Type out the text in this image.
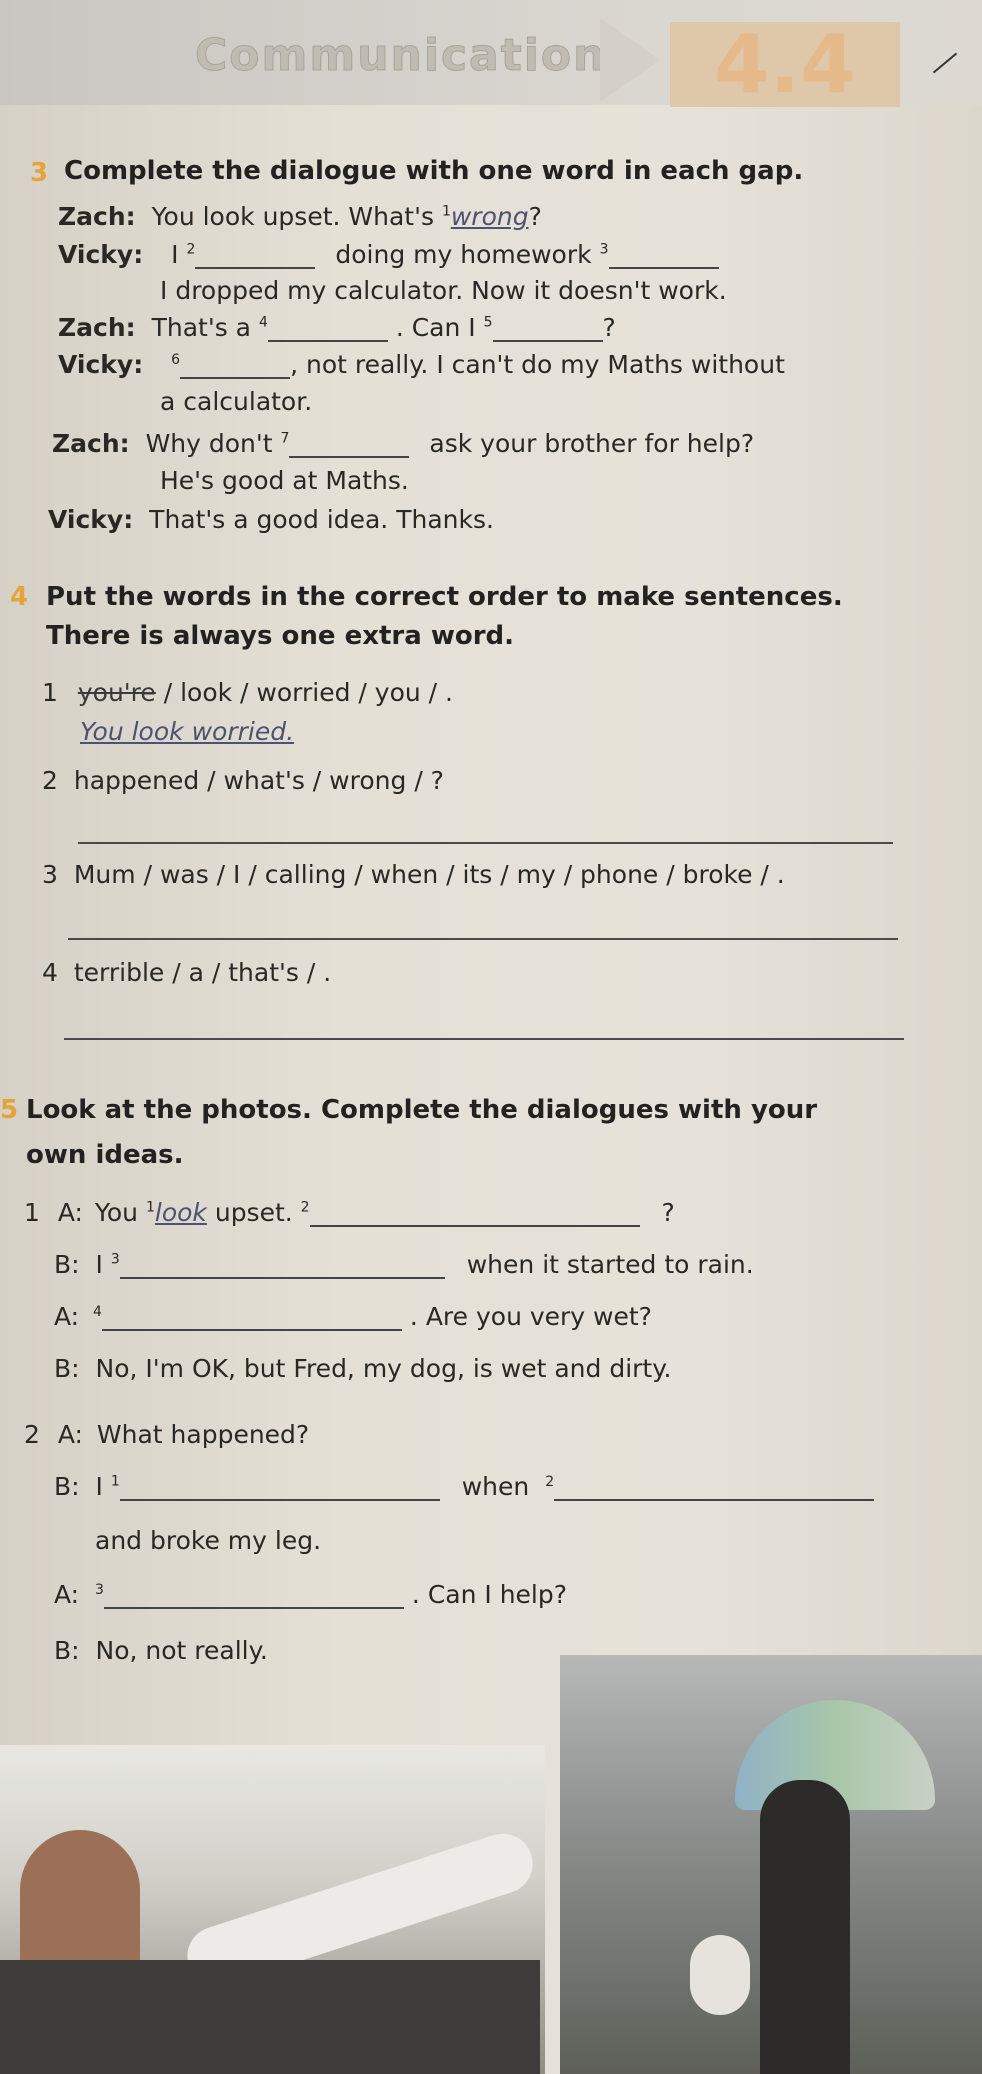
Communication	4.4
3 Complete the dialogue with one word in each gap.
Zach: You look upset. What's $^1$wrong?
Vicky: I $^2$	doing my homework $^3$
I dropped my calculator. Now it doesn't work.
Zach: That's a $^4$	. Can I $^5$	?
Vicky: $^6$	, not really. I can't do my Maths without
a calculator.
Zach: Why don't $^7$	ask your brother for help?
He's good at Maths.
Vicky: That's a good idea. Thanks.
4 Put the words in the correct order to make sentences.
There is always one extra word.
1 you're / look / worried / you / .
You look worried.
2 happened / what's / wrong / ?
3 Mum / was / I / calling / when / its / my / phone / broke / .
4 terrible / a / that's / .
5 Look at the photos. Complete the dialogues with your
own ideas.
1 A: You $^1$look upset. $^2$	?
B: I $^3$	when it started to rain.
A: $^4$	. Are you very wet?
B: No, I'm OK, but Fred, my dog, is wet and dirty.
2 A: What happened?
B: I $^1$	when $^2$
and broke my leg.
A: $^3$	. Can I help?
B: No, not really.
